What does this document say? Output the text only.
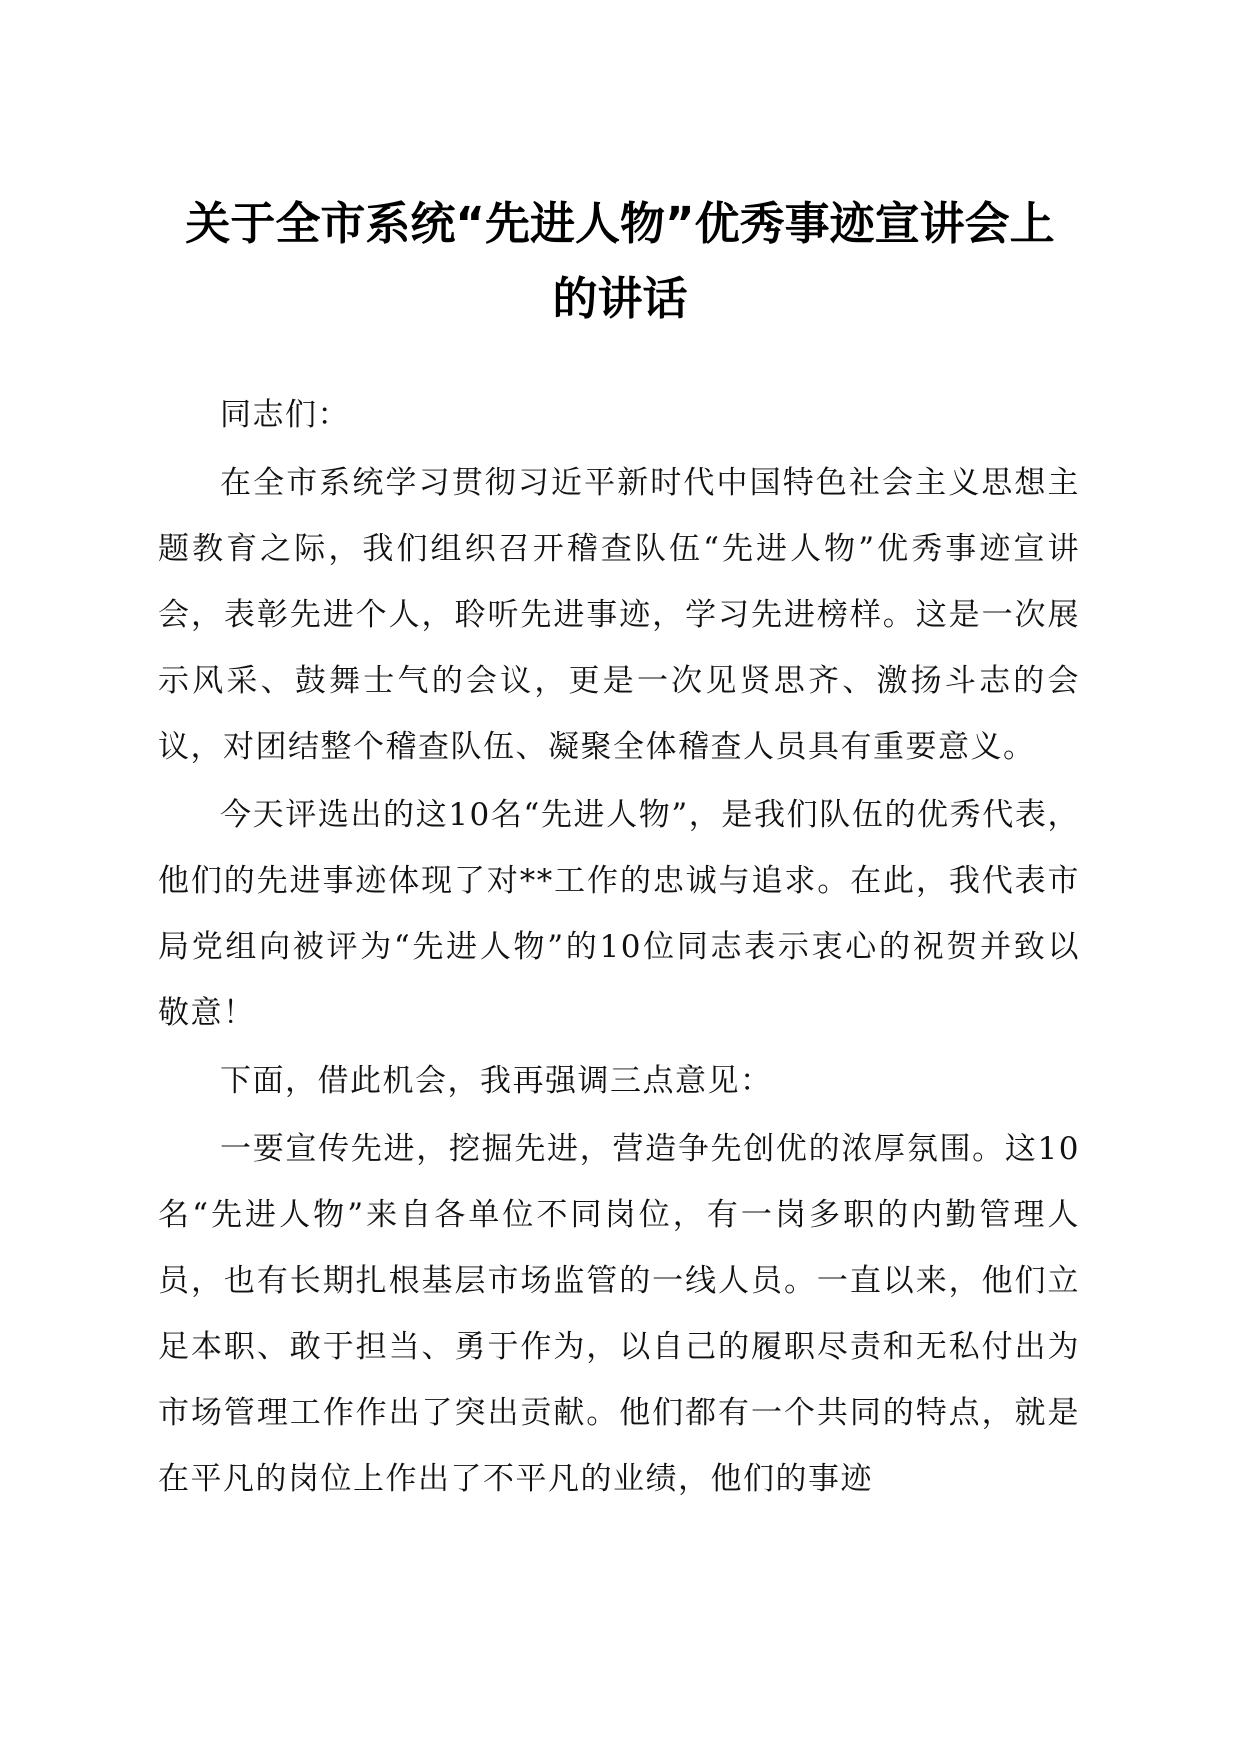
关于全市系统“先进人物”优秀事迹宣讲会上
的讲话

同志们：

在全市系统学习贯彻习近平新时代中国特色社会主义思想主题教育之际，我们组织召开稽查队伍“先进人物”优秀事迹宣讲会，表彰先进个人，聆听先进事迹，学习先进榜样。这是一次展示风采、鼓舞士气的会议，更是一次见贤思齐、激扬斗志的会议，对团结整个稽查队伍、凝聚全体稽查人员具有重要意义。

今天评选出的这10名“先进人物”，是我们队伍的优秀代表，他们的先进事迹体现了对**工作的忠诚与追求。在此，我代表市局党组向被评为“先进人物”的10位同志表示衷心的祝贺并致以敬意！

下面，借此机会，我再强调三点意见：

一要宣传先进，挖掘先进，营造争先创优的浓厚氛围。这10名“先进人物”来自各单位不同岗位，有一岗多职的内勤管理人员，也有长期扎根基层市场监管的一线人员。一直以来，他们立足本职、敢于担当、勇于作为，以自己的履职尽责和无私付出为市场管理工作作出了突出贡献。他们都有一个共同的特点，就是在平凡的岗位上作出了不平凡的业绩，他们的事迹
